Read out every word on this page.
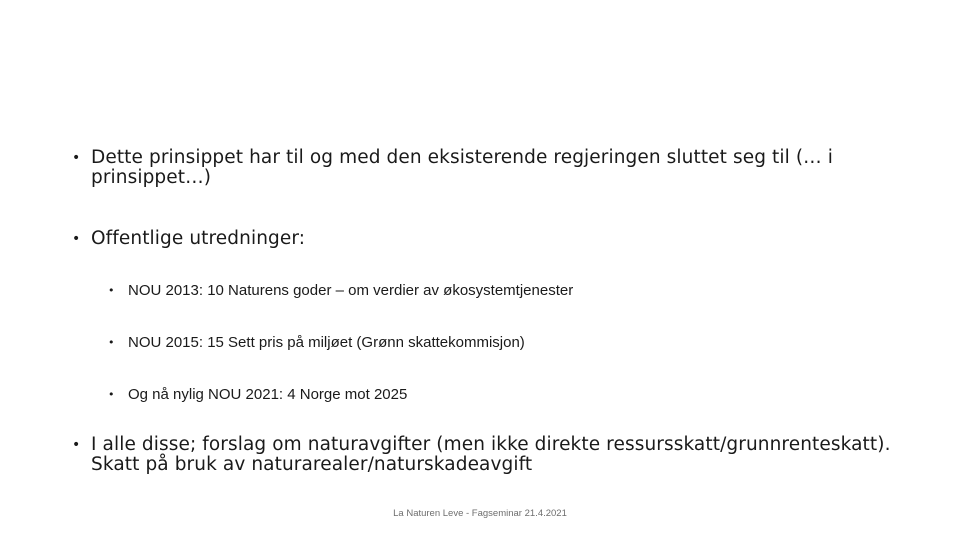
• Dette prinsippet har til og med den eksisterende regjeringen sluttet seg til (… i prinsippet…)
• Offentlige utredninger:
• NOU 2013: 10 Naturens goder – om verdier av økosystemtjenester
• NOU 2015: 15 Sett pris på miljøet (Grønn skattekommisjon)
• Og nå nylig NOU 2021: 4 Norge mot 2025
• I alle disse; forslag om naturavgifter (men ikke direkte ressursskatt/grunnrenteskatt). Skatt på bruk av naturarealer/naturskadeavgift
La Naturen Leve - Fagseminar 21.4.2021
